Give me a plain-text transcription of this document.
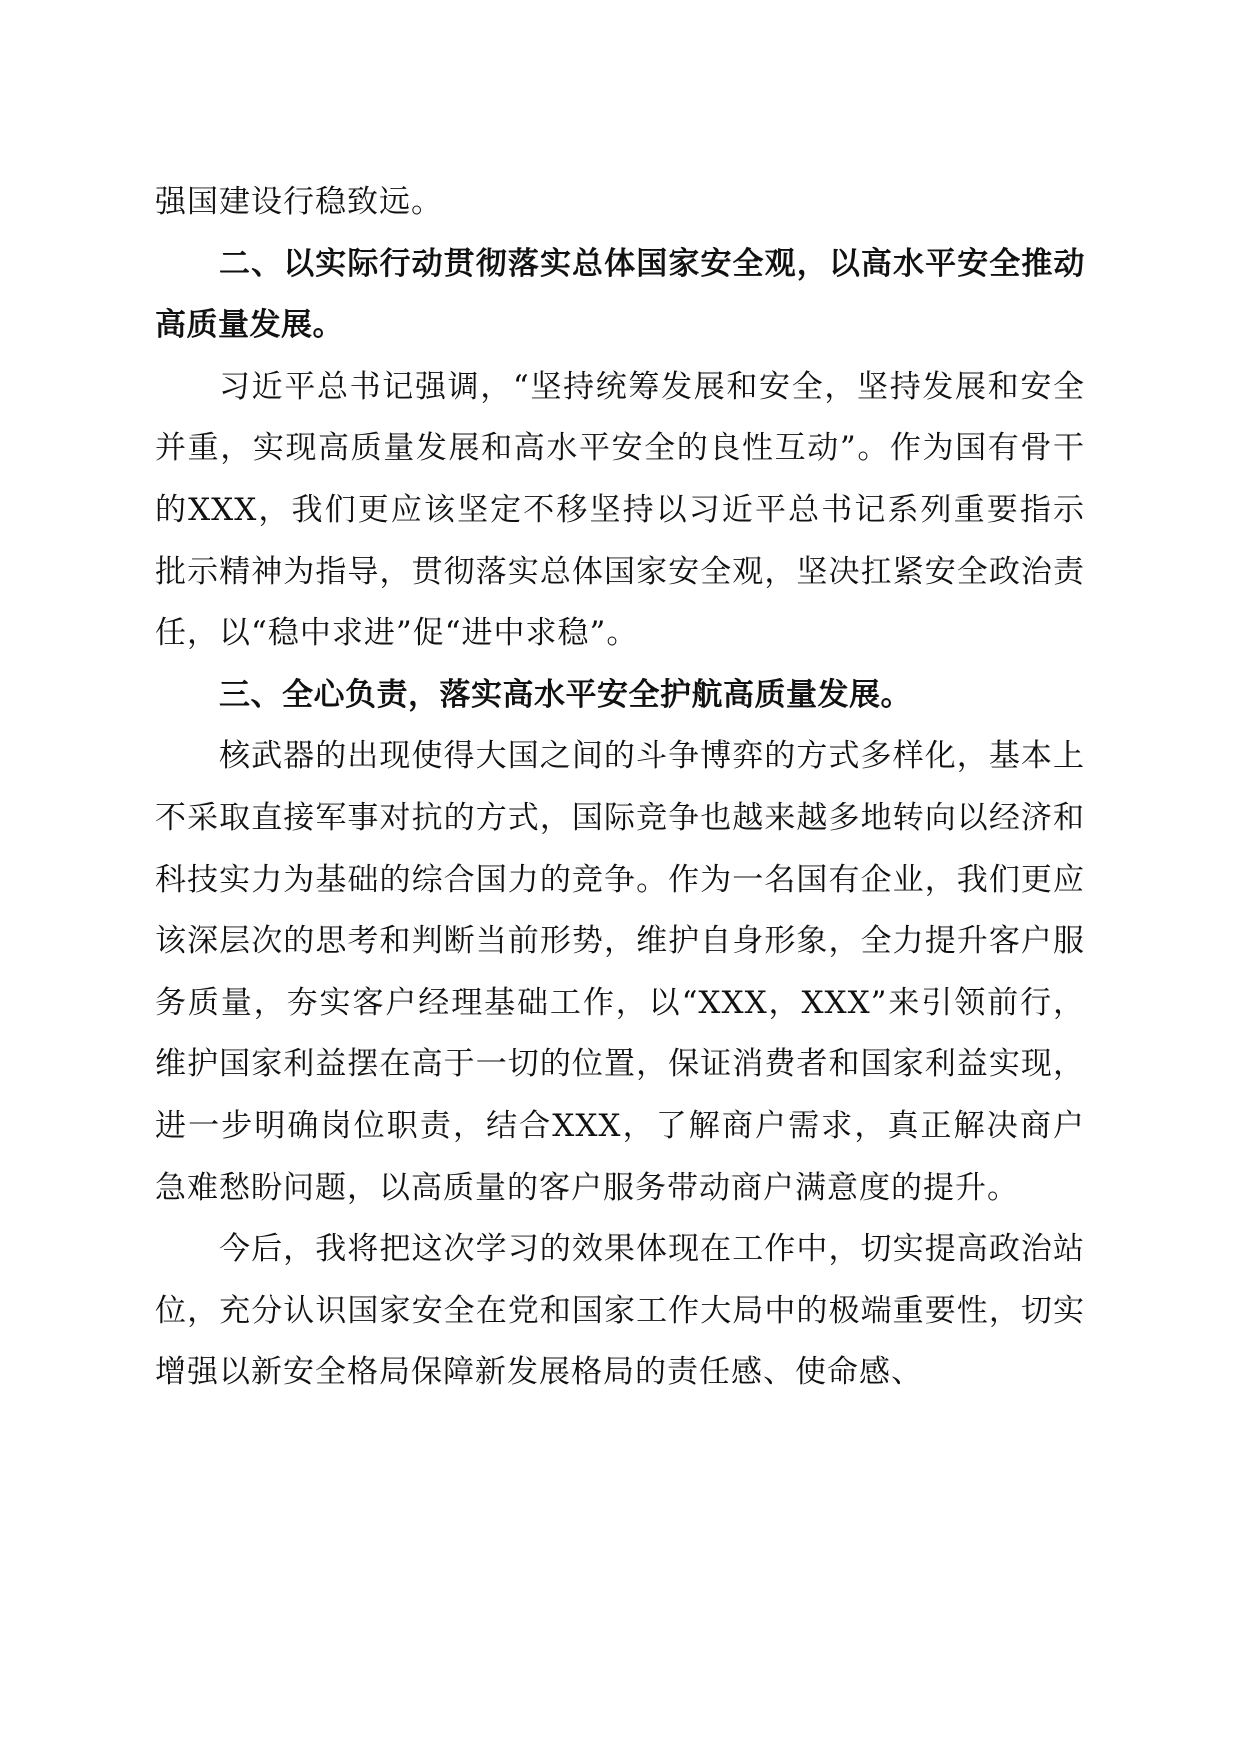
强国建设行稳致远。

二、以实际行动贯彻落实总体国家安全观，以高水平安全推动高质量发展。

习近平总书记强调，“坚持统筹发展和安全，坚持发展和安全并重，实现高质量发展和高水平安全的良性互动”。作为国有骨干的XXX，我们更应该坚定不移坚持以习近平总书记系列重要指示批示精神为指导，贯彻落实总体国家安全观，坚决扛紧安全政治责任，以“稳中求进”促“进中求稳”。

三、全心负责，落实高水平安全护航高质量发展。

核武器的出现使得大国之间的斗争博弈的方式多样化，基本上不采取直接军事对抗的方式，国际竞争也越来越多地转向以经济和科技实力为基础的综合国力的竞争。作为一名国有企业，我们更应该深层次的思考和判断当前形势，维护自身形象，全力提升客户服务质量，夯实客户经理基础工作，以“XXX，XXX”来引领前行，维护国家利益摆在高于一切的位置，保证消费者和国家利益实现，进一步明确岗位职责，结合XXX，了解商户需求，真正解决商户急难愁盼问题，以高质量的客户服务带动商户满意度的提升。

今后，我将把这次学习的效果体现在工作中，切实提高政治站位，充分认识国家安全在党和国家工作大局中的极端重要性，切实增强以新安全格局保障新发展格局的责任感、使命感、
